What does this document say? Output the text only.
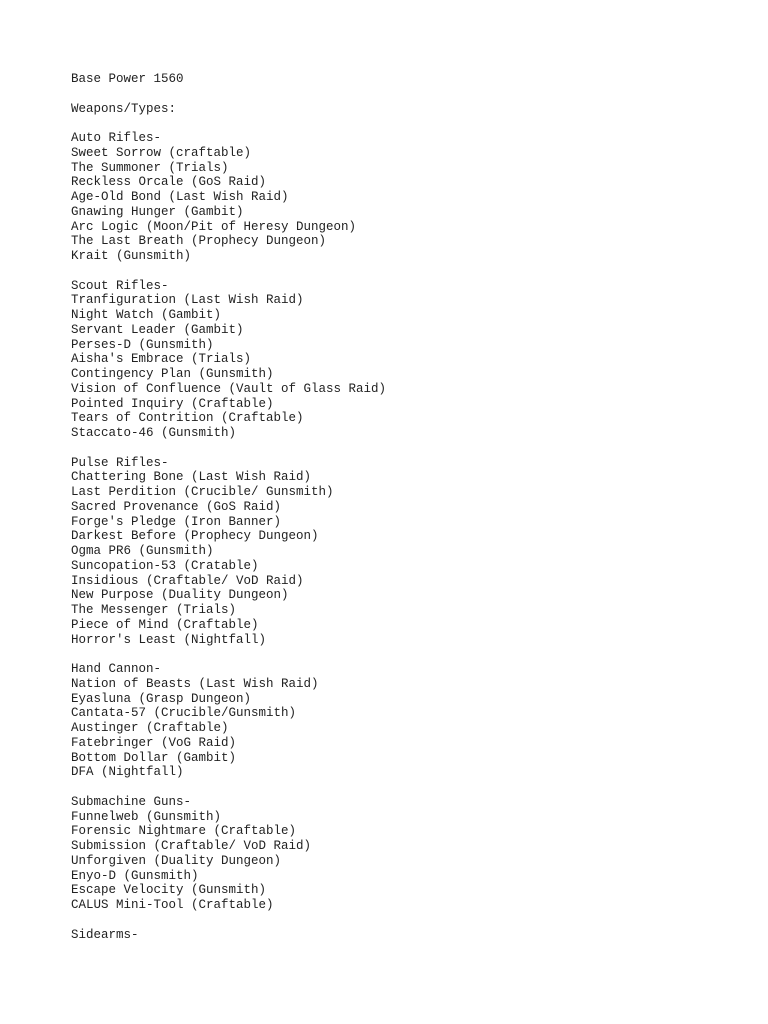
Base Power 1560
Weapons/Types:
Auto Rifles-
Sweet Sorrow (craftable)
The Summoner (Trials)
Reckless Orcale (GoS Raid)
Age-Old Bond (Last Wish Raid)
Gnawing Hunger (Gambit)
Arc Logic (Moon/Pit of Heresy Dungeon)
The Last Breath (Prophecy Dungeon)
Krait (Gunsmith)
Scout Rifles-
Tranfiguration (Last Wish Raid)
Night Watch (Gambit)
Servant Leader (Gambit)
Perses-D (Gunsmith)
Aisha's Embrace (Trials)
Contingency Plan (Gunsmith)
Vision of Confluence (Vault of Glass Raid)
Pointed Inquiry (Craftable)
Tears of Contrition (Craftable)
Staccato-46 (Gunsmith)
Pulse Rifles-
Chattering Bone (Last Wish Raid)
Last Perdition (Crucible/ Gunsmith)
Sacred Provenance (GoS Raid)
Forge's Pledge (Iron Banner)
Darkest Before (Prophecy Dungeon)
Ogma PR6 (Gunsmith)
Suncopation-53 (Cratable)
Insidious (Craftable/ VoD Raid)
New Purpose (Duality Dungeon)
The Messenger (Trials)
Piece of Mind (Craftable)
Horror's Least (Nightfall)
Hand Cannon-
Nation of Beasts (Last Wish Raid)
Eyasluna (Grasp Dungeon)
Cantata-57 (Crucible/Gunsmith)
Austinger (Craftable)
Fatebringer (VoG Raid)
Bottom Dollar (Gambit)
DFA (Nightfall)
Submachine Guns-
Funnelweb (Gunsmith)
Forensic Nightmare (Craftable)
Submission (Craftable/ VoD Raid)
Unforgiven (Duality Dungeon)
Enyo-D (Gunsmith)
Escape Velocity (Gunsmith)
CALUS Mini-Tool (Craftable)
Sidearms-
